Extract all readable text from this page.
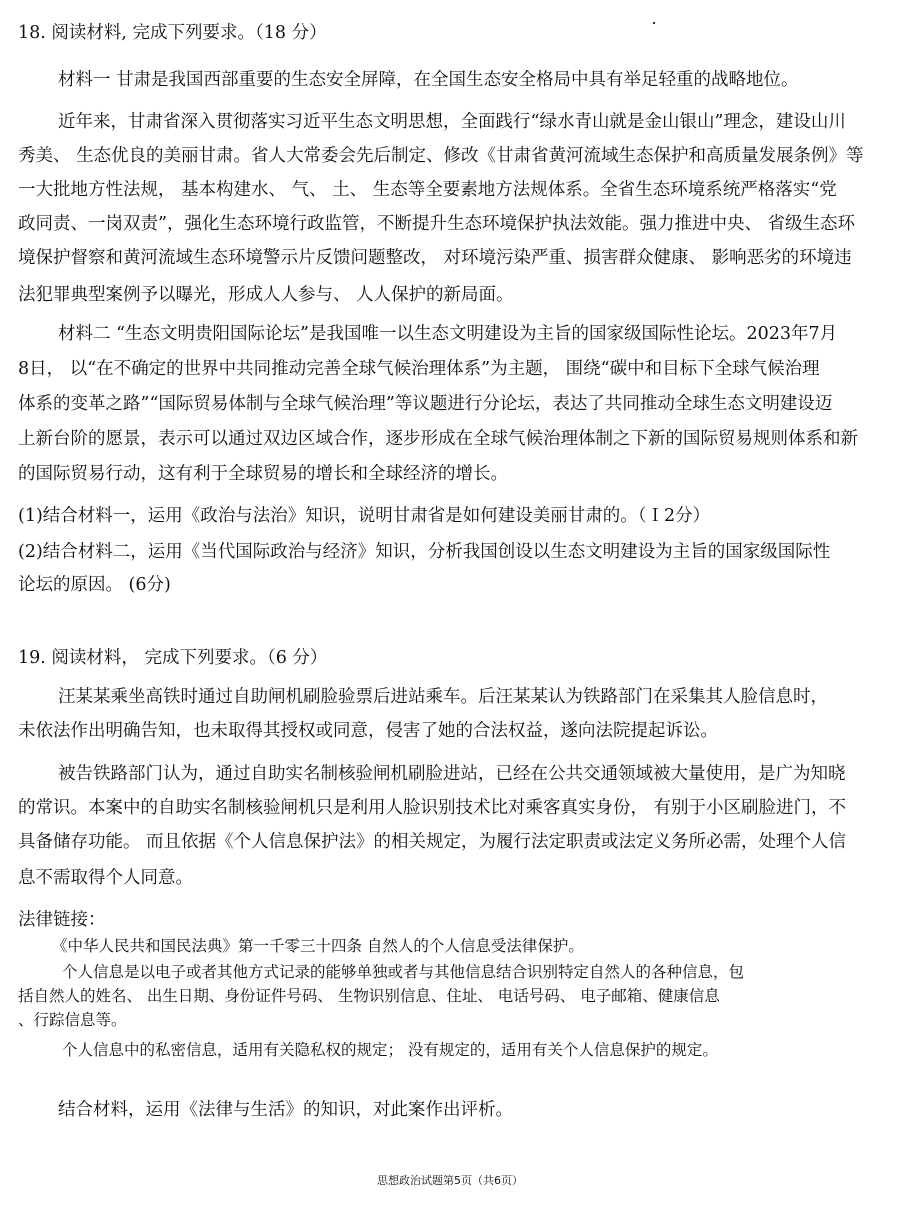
18. 阅读材料, 完成下列要求。（18 分）
材料一 甘肃是我国西部重要的生态安全屏障，在全国生态安全格局中具有举足轻重的战略地位。
近年来，甘肃省深入贯彻落实习近平生态文明思想，全面践行“绿水青山就是金山银山”理念，建设山川
秀美、 生态优良的美丽甘肃。省人大常委会先后制定、修改《甘肃省黄河流域生态保护和高质量发展条例》等
一大批地方性法规， 基本构建水、 气、 土、 生态等全要素地方法规体系。全省生态环境系统严格落实“党
政同责、一岗双责”，强化生态环境行政监管，不断提升生态环境保护执法效能。强力推进中央、 省级生态环
境保护督察和黄河流域生态环境警示片反馈问题整改， 对环境污染严重、损害群众健康、 影响恶劣的环境违
法犯罪典型案例予以曝光，形成人人参与、 人人保护的新局面。
材料二 “生态文明贵阳国际论坛”是我国唯一以生态文明建设为主旨的国家级国际性论坛。2023年7月
8日， 以“在不确定的世界中共同推动完善全球气候治理体系”为主题， 围绕“碳中和目标下全球气候治理
体系的变革之路”“国际贸易体制与全球气候治理”等议题进行分论坛，表达了共同推动全球生态文明建设迈
上新台阶的愿景，表示可以通过双边区域合作，逐步形成在全球气候治理体制之下新的国际贸易规则体系和新
的国际贸易行动，这有利于全球贸易的增长和全球经济的增长。
(1)结合材料一，运用《政治与法治》知识，说明甘肃省是如何建设美丽甘肃的。（Ｉ2分）
(2)结合材料二，运用《当代国际政治与经济》知识，分析我国创设以生态文明建设为主旨的国家级国际性
论坛的原因。 (6分)
19. 阅读材料， 完成下列要求。（6 分）
汪某某乘坐高铁时通过自助闸机刷脸验票后进站乘车。后汪某某认为铁路部门在采集其人脸信息时，
未依法作出明确告知，也未取得其授权或同意，侵害了她的合法权益，遂向法院提起诉讼。
被告铁路部门认为，通过自助实名制核验闸机刷脸进站，已经在公共交通领域被大量使用，是广为知晓
的常识。本案中的自助实名制核验闸机只是利用人脸识别技术比对乘客真实身份， 有别于小区刷脸进门，不
具备储存功能。 而且依据《个人信息保护法》的相关规定，为履行法定职责或法定义务所必需，处理个人信
息不需取得个人同意。
法律链接：
《中华人民共和国民法典》第一千零三十四条 自然人的个人信息受法律保护。
个人信息是以电子或者其他方式记录的能够单独或者与其他信息结合识别特定自然人的各种信息，包
括自然人的姓名、 出生日期、身份证件号码、 生物识别信息、住址、 电话号码、 电子邮箱、健康信息
、行踪信息等。
个人信息中的私密信息，适用有关隐私权的规定； 没有规定的，适用有关个人信息保护的规定。
结合材料，运用《法律与生活》的知识，对此案作出评析。
思想政治试题第5页（共6页）
